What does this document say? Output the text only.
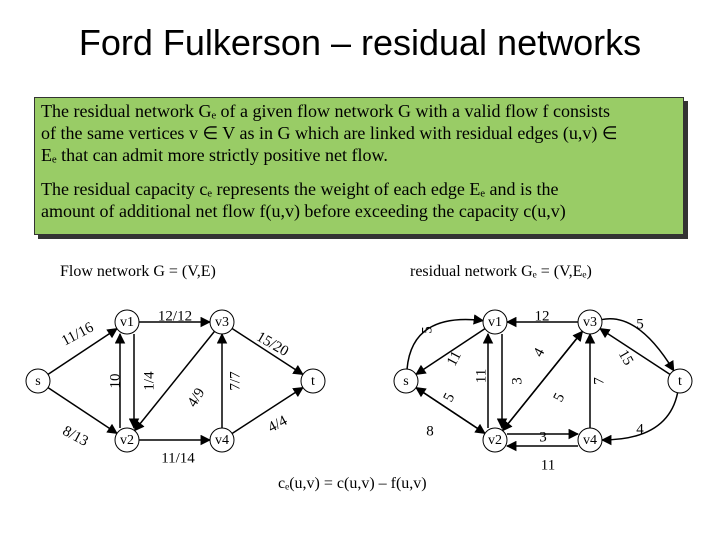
Ford Fulkerson – residual networks

The residual network Gₑ of a given flow network G with a valid flow f consists
of the same vertices v ∈ V as in G which are linked with residual edges (u,v) ∈
Eₑ that can admit more strictly positive net flow.

The residual capacity cₑ represents the weight of each edge Eₑ and is the
amount of additional net flow f(u,v) before exceeding the capacity c(u,v)

Flow network G = (V,E)	residual network Gₑ = (V,Eₑ)
11/16
8/13
10 1/4
12/12
4/9
7/7
11/14
15/20
4/4
s
v1
v2
v3
v4
t
11
5
8
5
11 3
12
4
5
7
3
11
5
15
4
s
v1
v2
v3
v4
t
cₑ(u,v) = c(u,v) – f(u,v)
